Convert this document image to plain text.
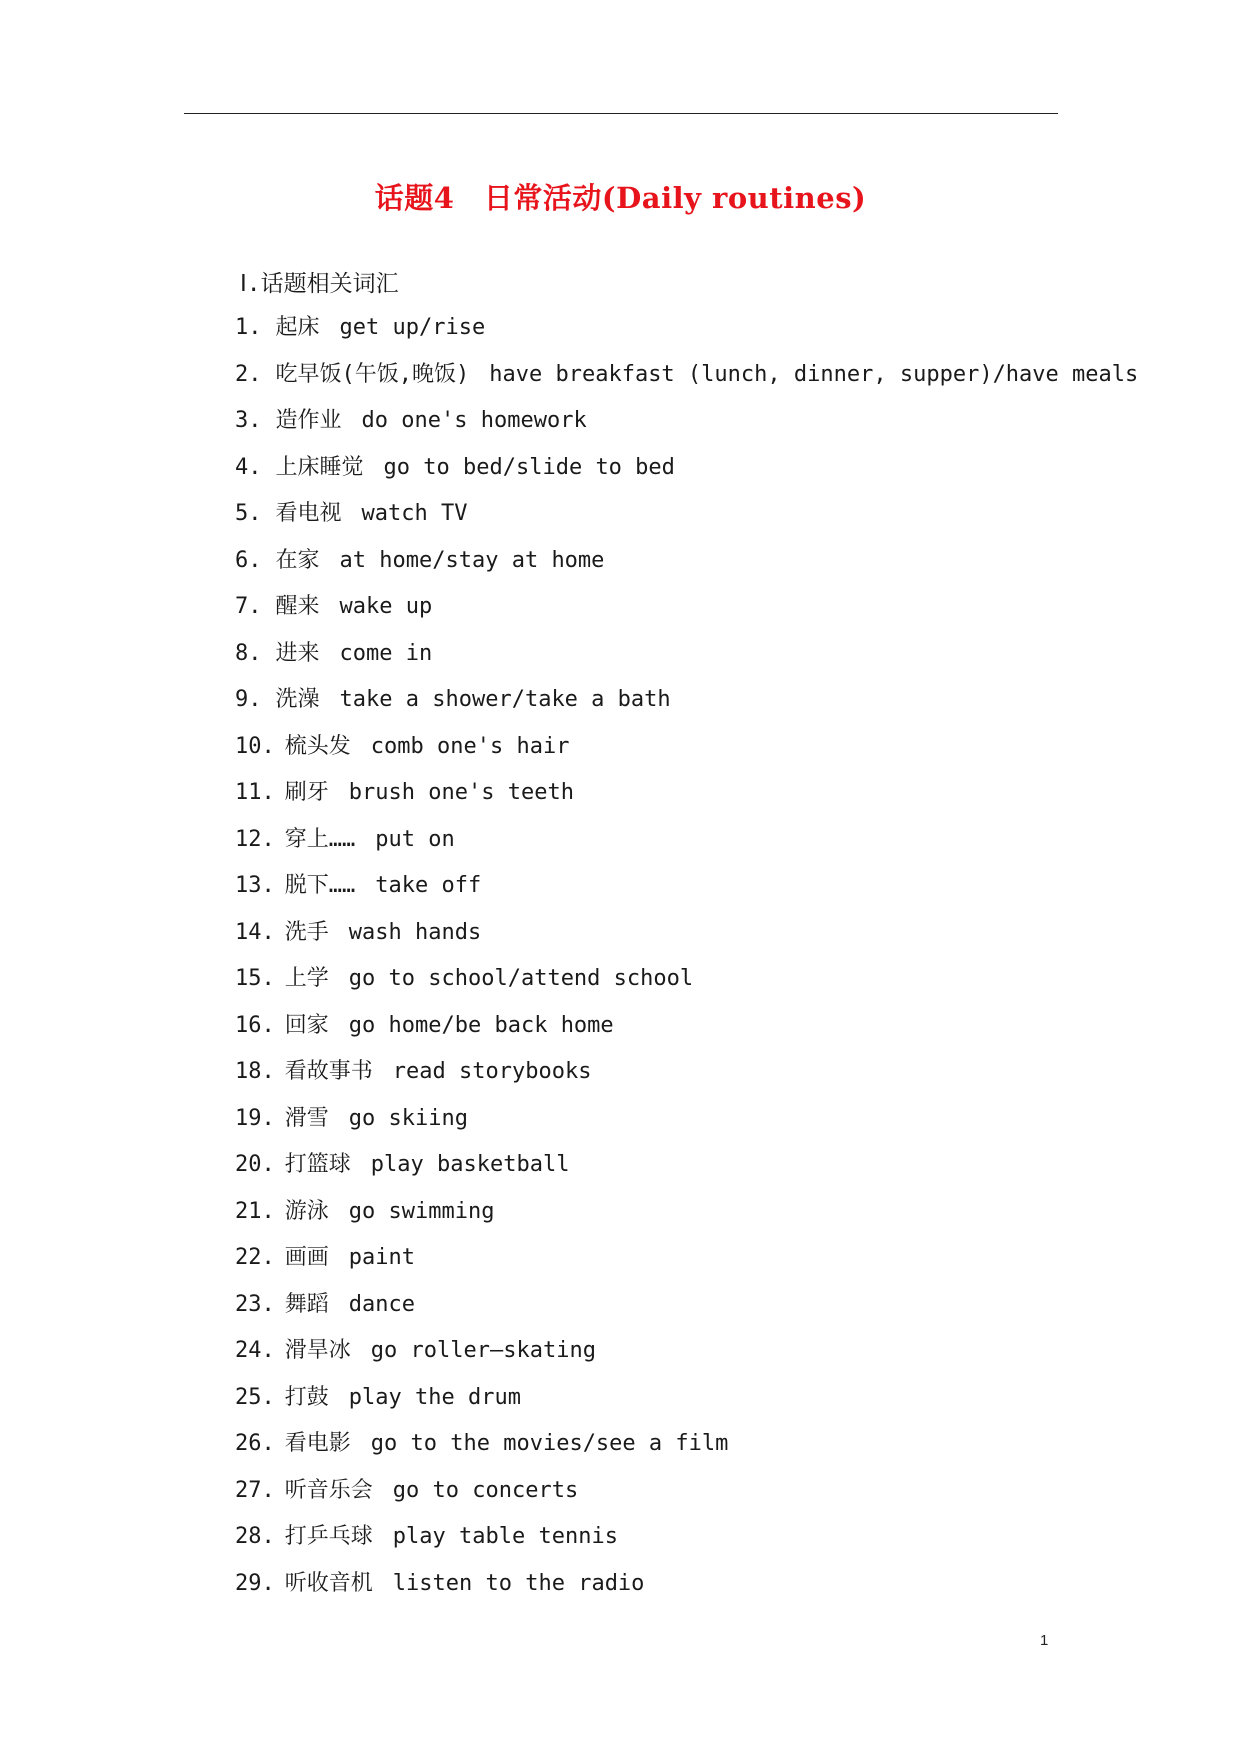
话题4　日常活动(Daily routines)
Ⅰ.话题相关词汇
1. 起床 get up/rise
2. 吃早饭(午饭,晚饭) have breakfast (lunch, dinner, supper)/have meals
3. 造作业 do one's homework
4. 上床睡觉 go to bed/slide to bed
5. 看电视 watch TV
6. 在家 at home/stay at home
7. 醒来 wake up
8. 进来 come in
9. 洗澡 take a shower/take a bath
10. 梳头发 comb one's hair
11. 刷牙 brush one's teeth
12. 穿上…… put on
13. 脱下…… take off
14. 洗手 wash hands
15. 上学 go to school/attend school
16. 回家 go home/be back home
18. 看故事书 read storybooks
19. 滑雪 go skiing
20. 打篮球 play basketball
21. 游泳 go swimming
22. 画画 paint
23. 舞蹈 dance
24. 滑旱冰 go roller—skating
25. 打鼓 play the drum
26. 看电影 go to the movies/see a film
27. 听音乐会 go to concerts
28. 打乒乓球 play table tennis
29. 听收音机 listen to the radio
1
